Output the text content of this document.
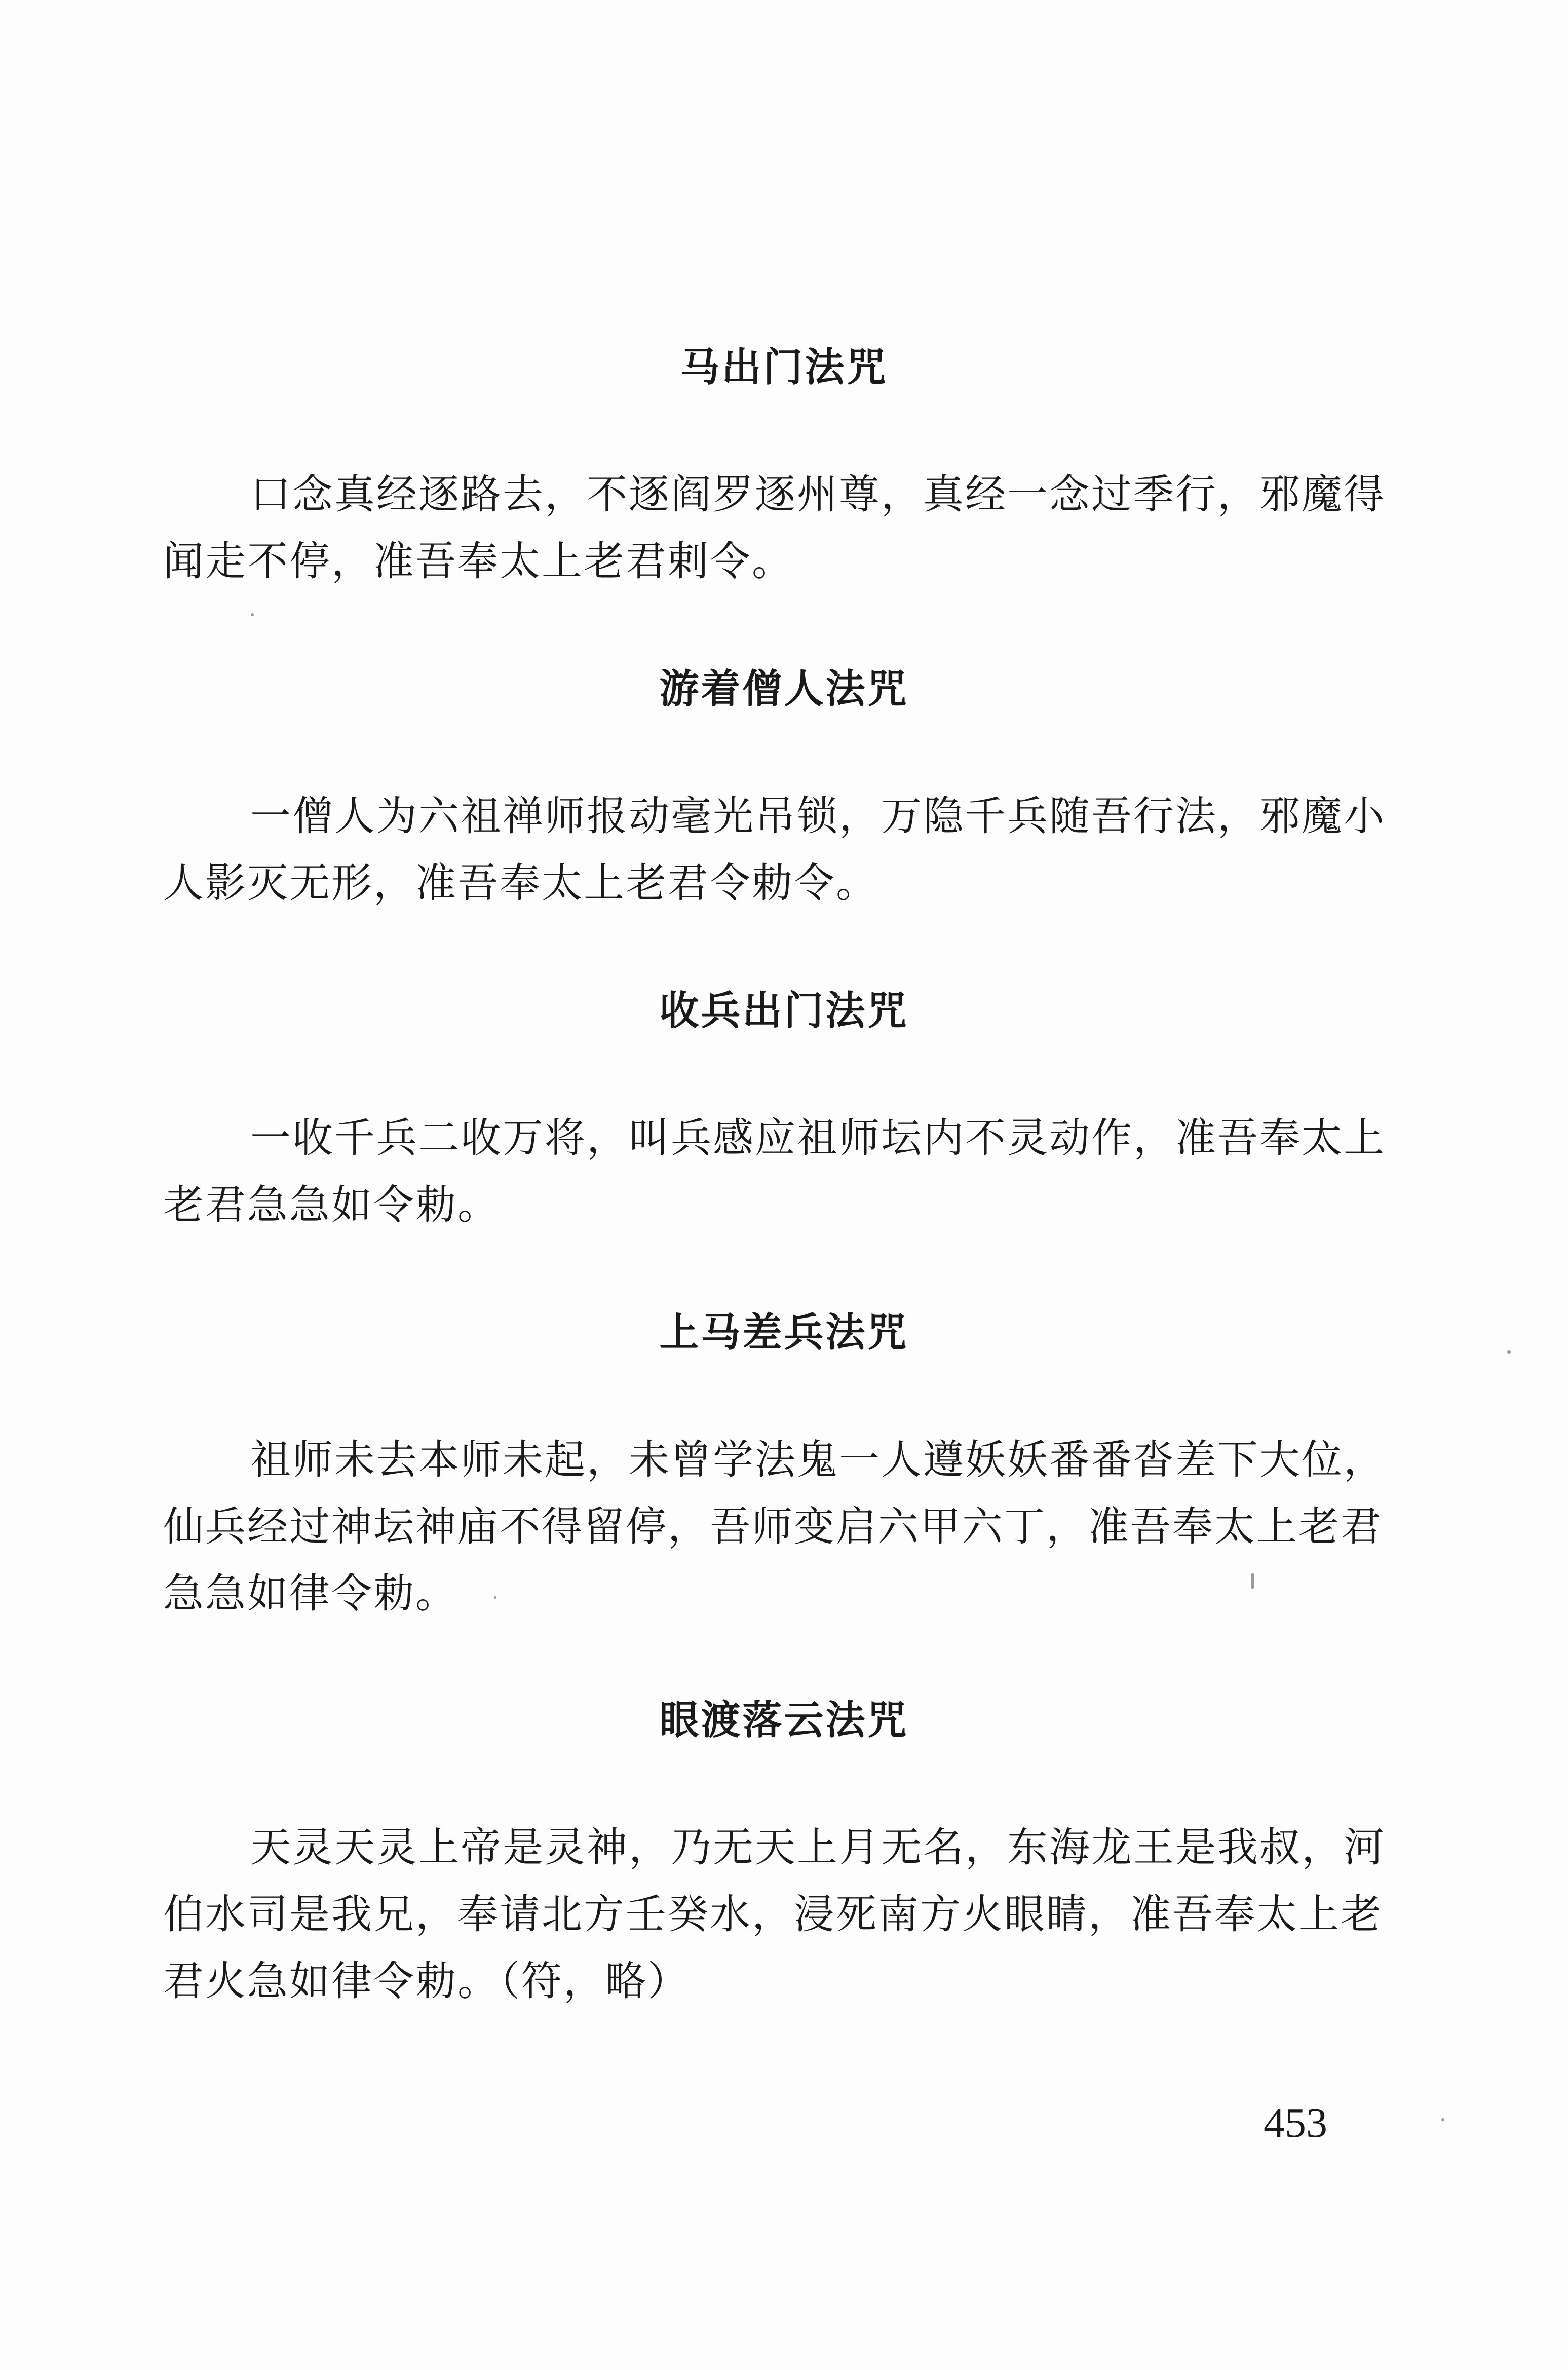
马出门法咒

口念真经逐路去，不逐阎罗逐州尊，真经一念过季行，邪魔得
闻走不停，准吾奉太上老君剌令。

游着僧人法咒

一僧人为六祖禅师报动毫光吊锁，万隐千兵随吾行法，邪魔小
人影灭无形，准吾奉太上老君令勅令。

收兵出门法咒

一收千兵二收万将，叫兵感应祖师坛内不灵动作，准吾奉太上
老君急急如令勅。

上马差兵法咒

祖师未去本师未起，未曾学法鬼一人遵妖妖番番沓差下大位，
仙兵经过神坛神庙不得留停，吾师变启六甲六丁，准吾奉太上老君
急急如律令勅。

眼渡落云法咒

天灵天灵上帝是灵神，乃无天上月无名，东海龙王是我叔，河
伯水司是我兄，奉请北方壬癸水，浸死南方火眼睛，准吾奉太上老
君火急如律令勅。（符，略）

453
